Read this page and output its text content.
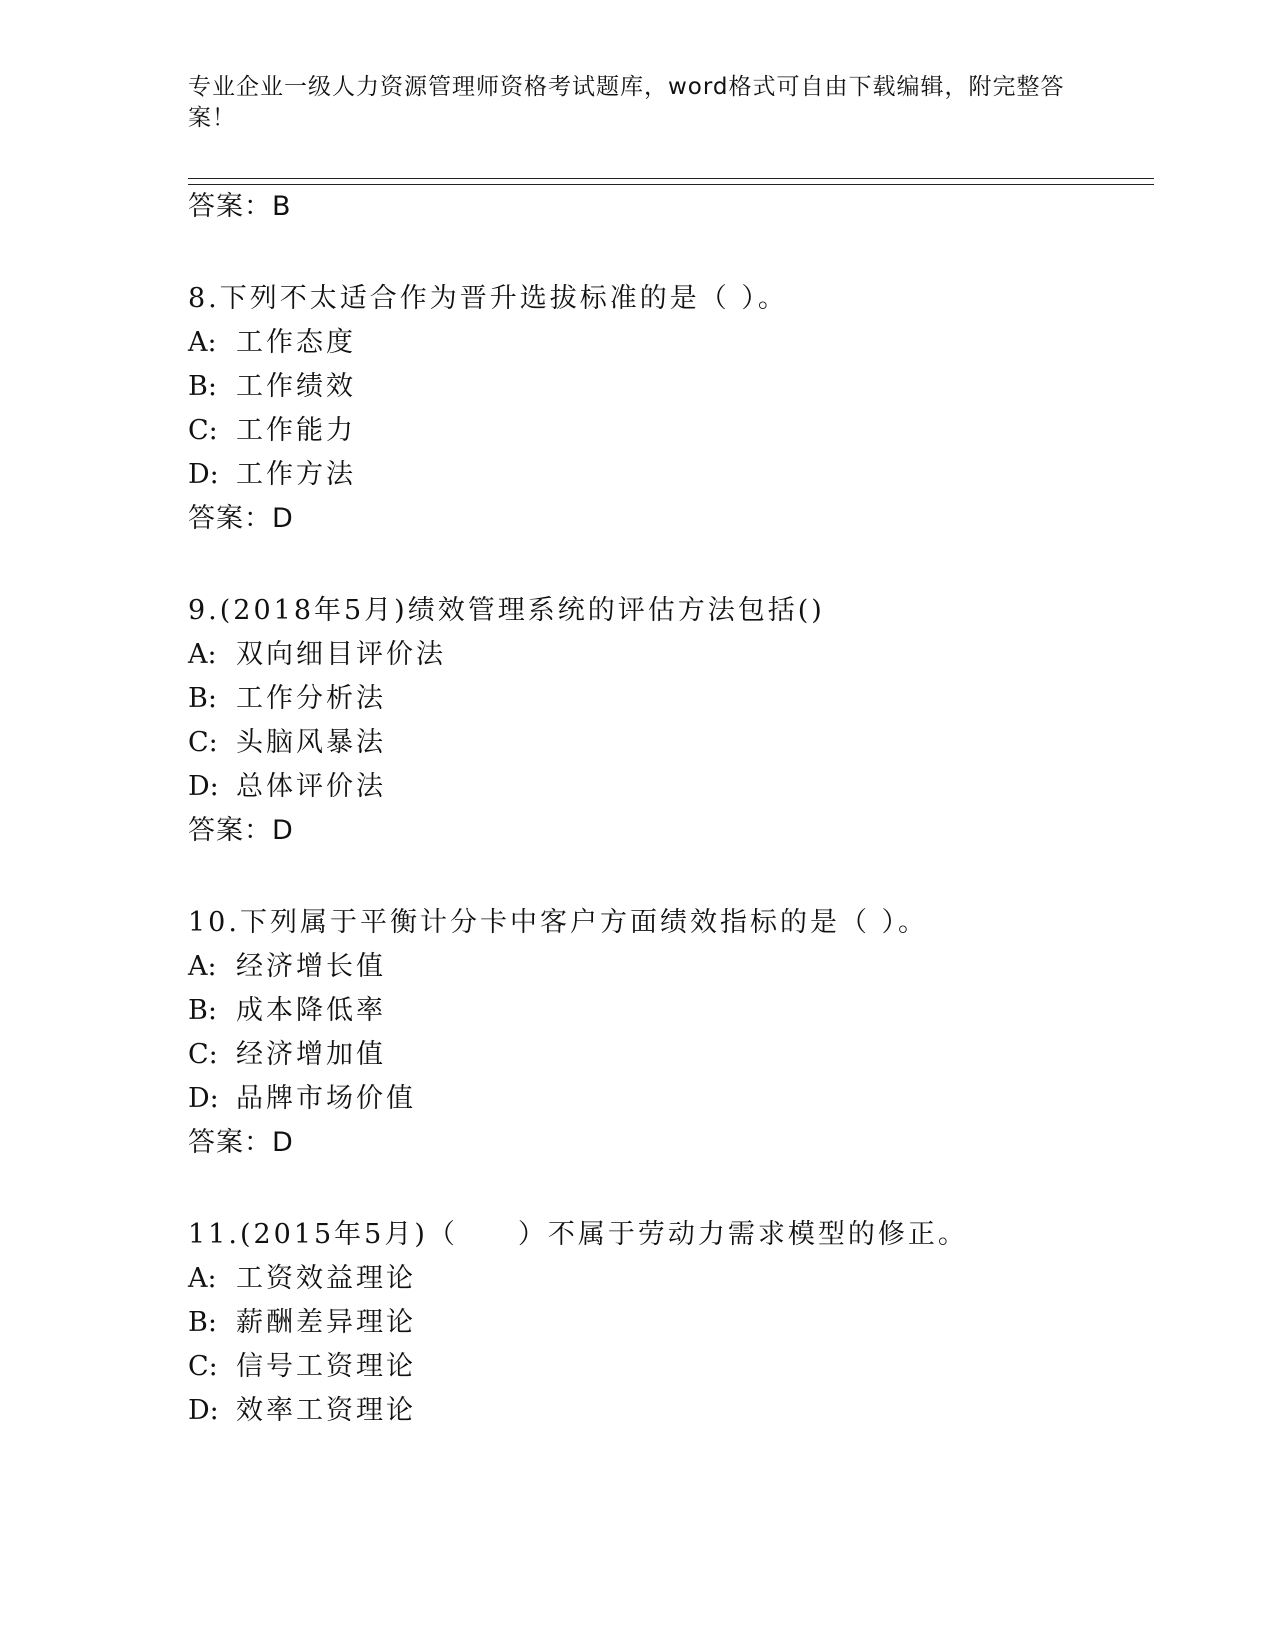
专业企业一级人力资源管理师资格考试题库，word格式可自由下载编辑，附完整答案！
答案：B
8.下列不太适合作为晋升选拔标准的是（ ）。
A: 工作态度
B: 工作绩效
C: 工作能力
D: 工作方法
答案：D
9.(2018年5月)绩效管理系统的评估方法包括()
A: 双向细目评价法
B: 工作分析法
C: 头脑风暴法
D: 总体评价法
答案：D
10.下列属于平衡计分卡中客户方面绩效指标的是（ ）。
A: 经济增长值
B: 成本降低率
C: 经济增加值
D: 品牌市场价值
答案：D
11.(2015年5月)（　　）不属于劳动力需求模型的修正。
A: 工资效益理论
B: 薪酬差异理论
C: 信号工资理论
D: 效率工资理论
